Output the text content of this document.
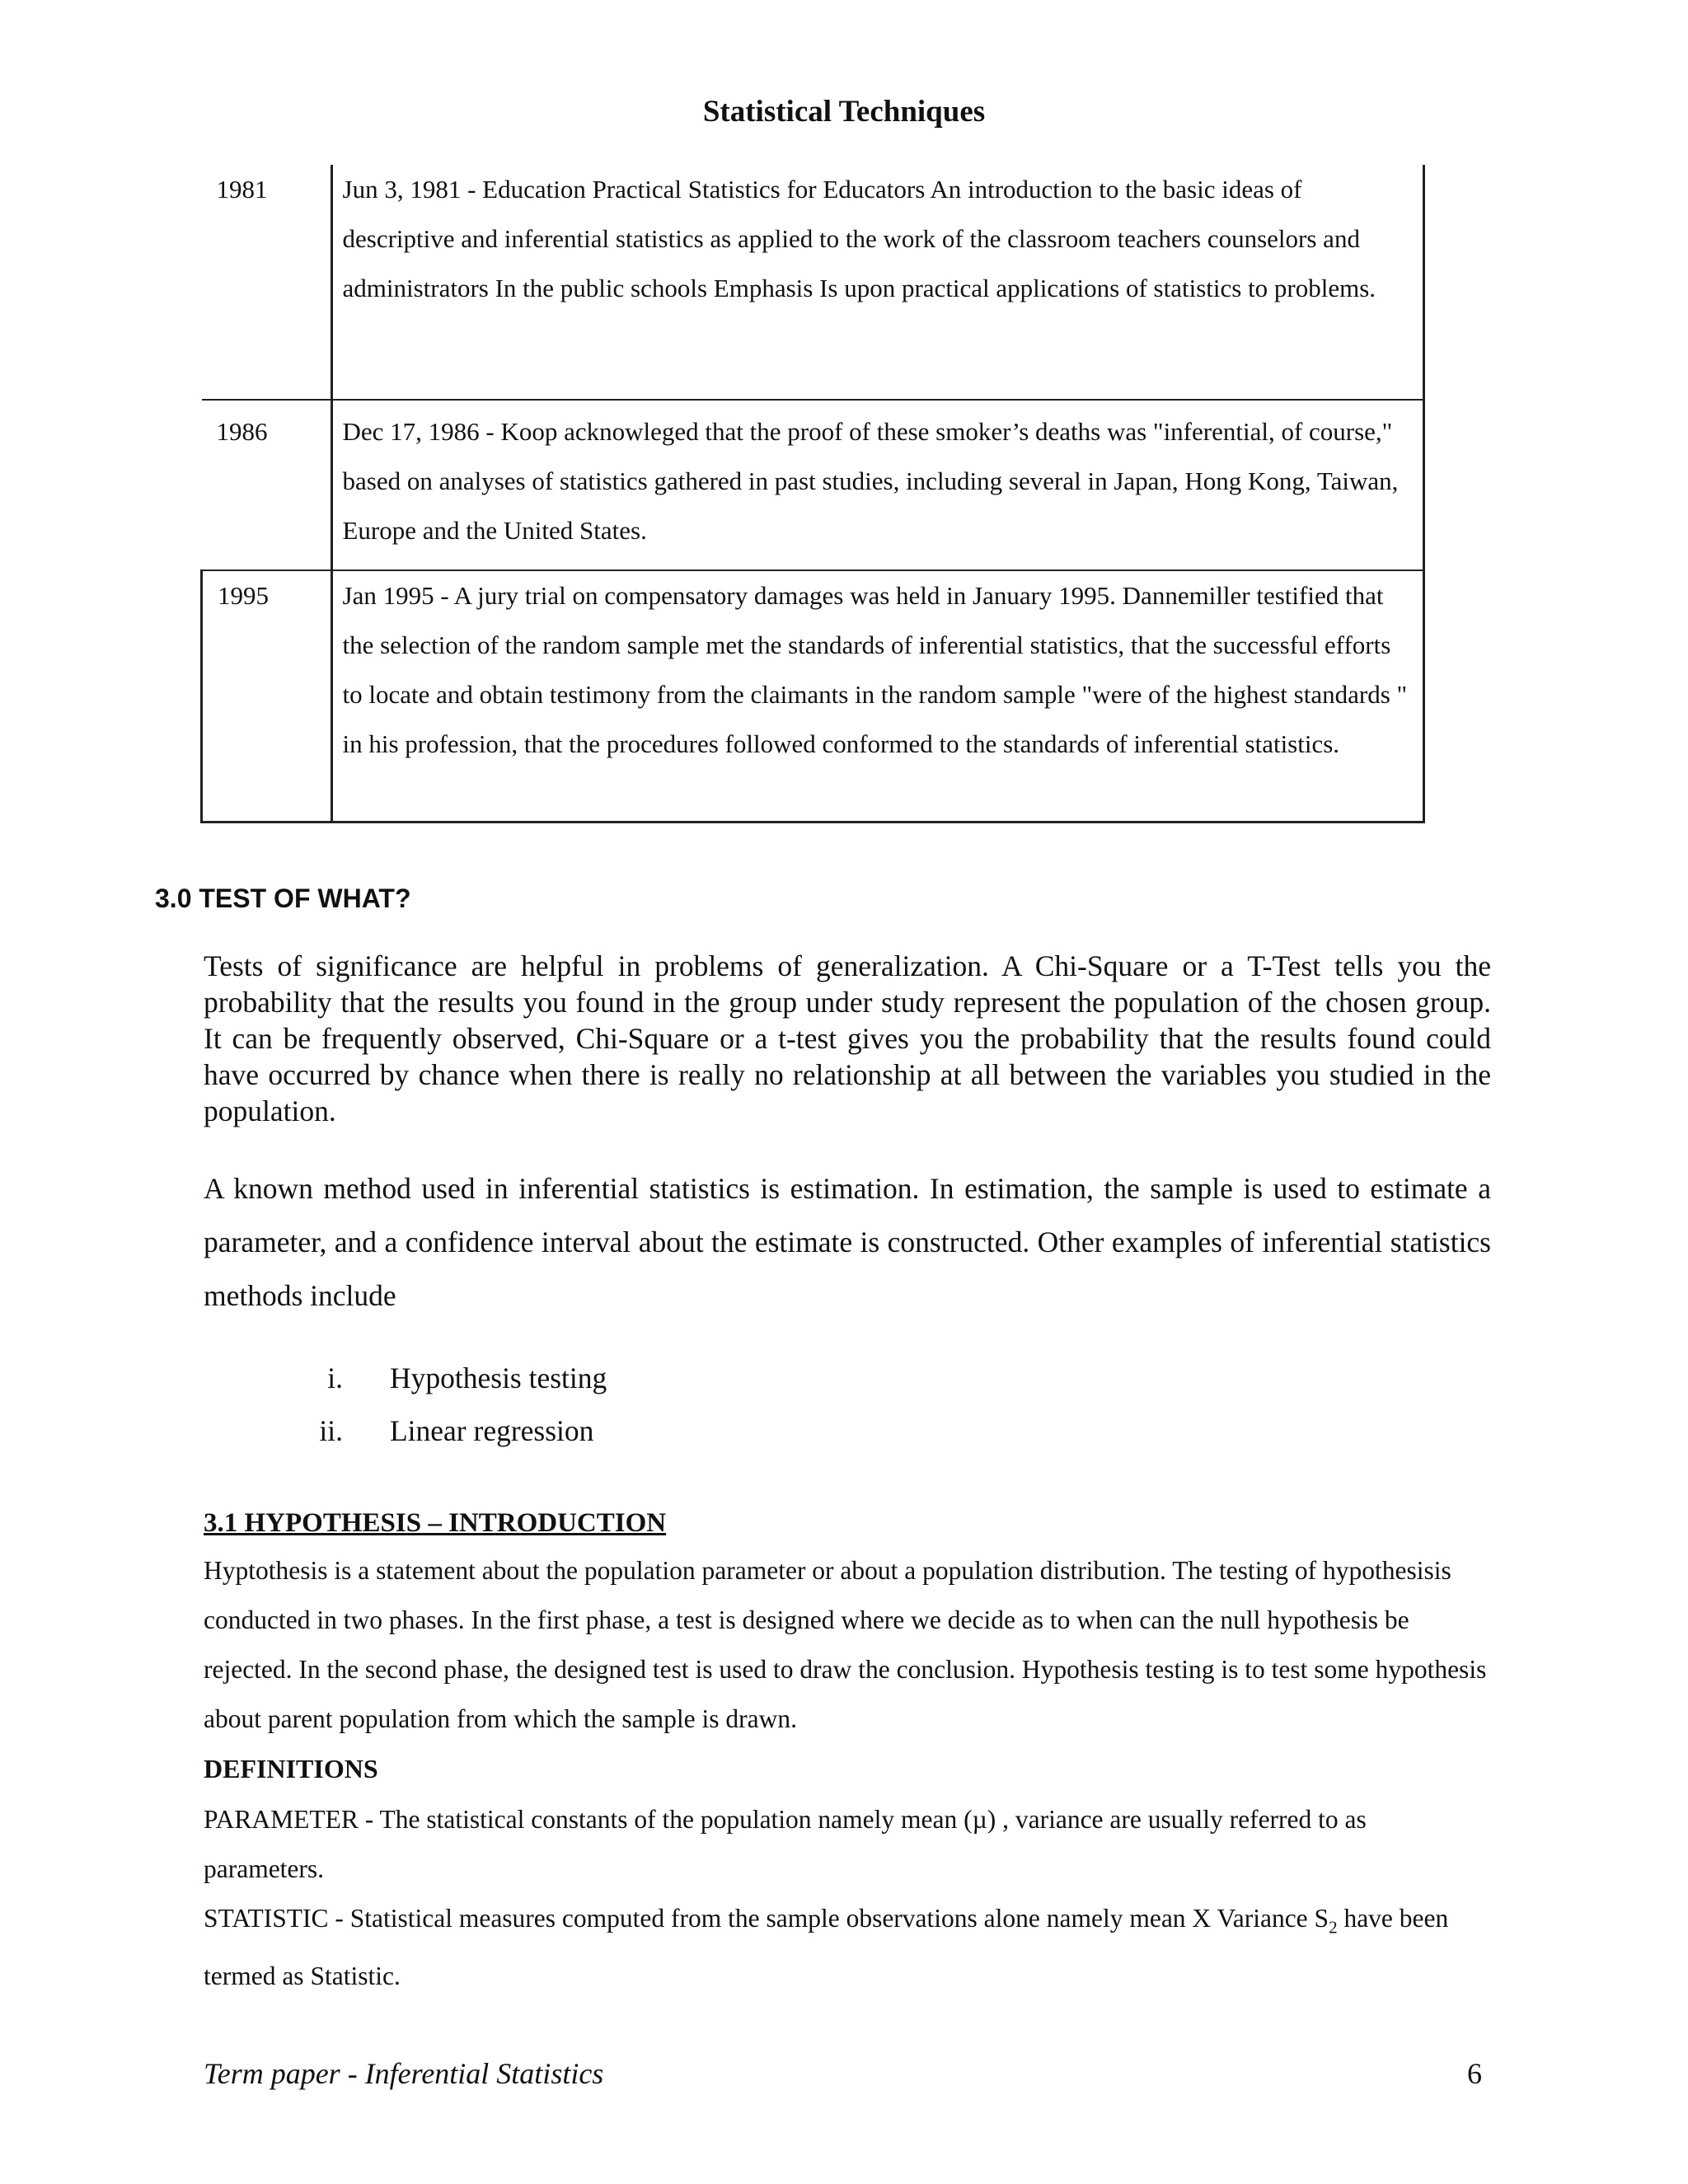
Statistical Techniques
1981	Jun 3, 1981 - Education Practical Statistics for Educators An introduction to the basic ideas of descriptive and inferential statistics as applied to the work of the classroom teachers counselors and administrators In the public schools Emphasis Is upon practical applications of statistics to problems.
1986	Dec 17, 1986 - Koop acknowleged that the proof of these smoker’s deaths was "inferential, of course," based on analyses of statistics gathered in past studies, including several in Japan, Hong Kong, Taiwan, Europe and the United States.
1995	Jan 1995 - A jury trial on compensatory damages was held in January 1995. Dannemiller testified that the selection of the random sample met the standards of inferential statistics, that the successful efforts to locate and obtain testimony from the claimants in the random sample "were of the highest standards " in his profession, that the procedures followed conformed to the standards of inferential statistics.
3.0 TEST OF WHAT?
Tests of significance are helpful in problems of generalization. A Chi-Square or a T-Test tells you the probability that the results you found in the group under study represent the population of the chosen group. It can be frequently observed, Chi-Square or a t-test gives you the probability that the results found could have occurred by chance when there is really no relationship at all between the variables you studied in the population.
A known method used in inferential statistics is estimation. In estimation, the sample is used to estimate a parameter, and a confidence interval about the estimate is constructed. Other examples of inferential statistics methods include
i. Hypothesis testing
ii. Linear regression
3.1 HYPOTHESIS – INTRODUCTION
Hyptothesis is a statement about the population parameter or about a population distribution. The testing of hypothesisis conducted in two phases. In the first phase, a test is designed where we decide as to when can the null hypothesis be rejected. In the second phase, the designed test is used to draw the conclusion. Hypothesis testing is to test some hypothesis about parent population from which the sample is drawn.
DEFINITIONS
PARAMETER - The statistical constants of the population namely mean (µ) , variance are usually referred to as parameters.
STATISTIC - Statistical measures computed from the sample observations alone namely mean X Variance $S_2$ have been termed as Statistic.
Term paper - Inferential Statistics	6
